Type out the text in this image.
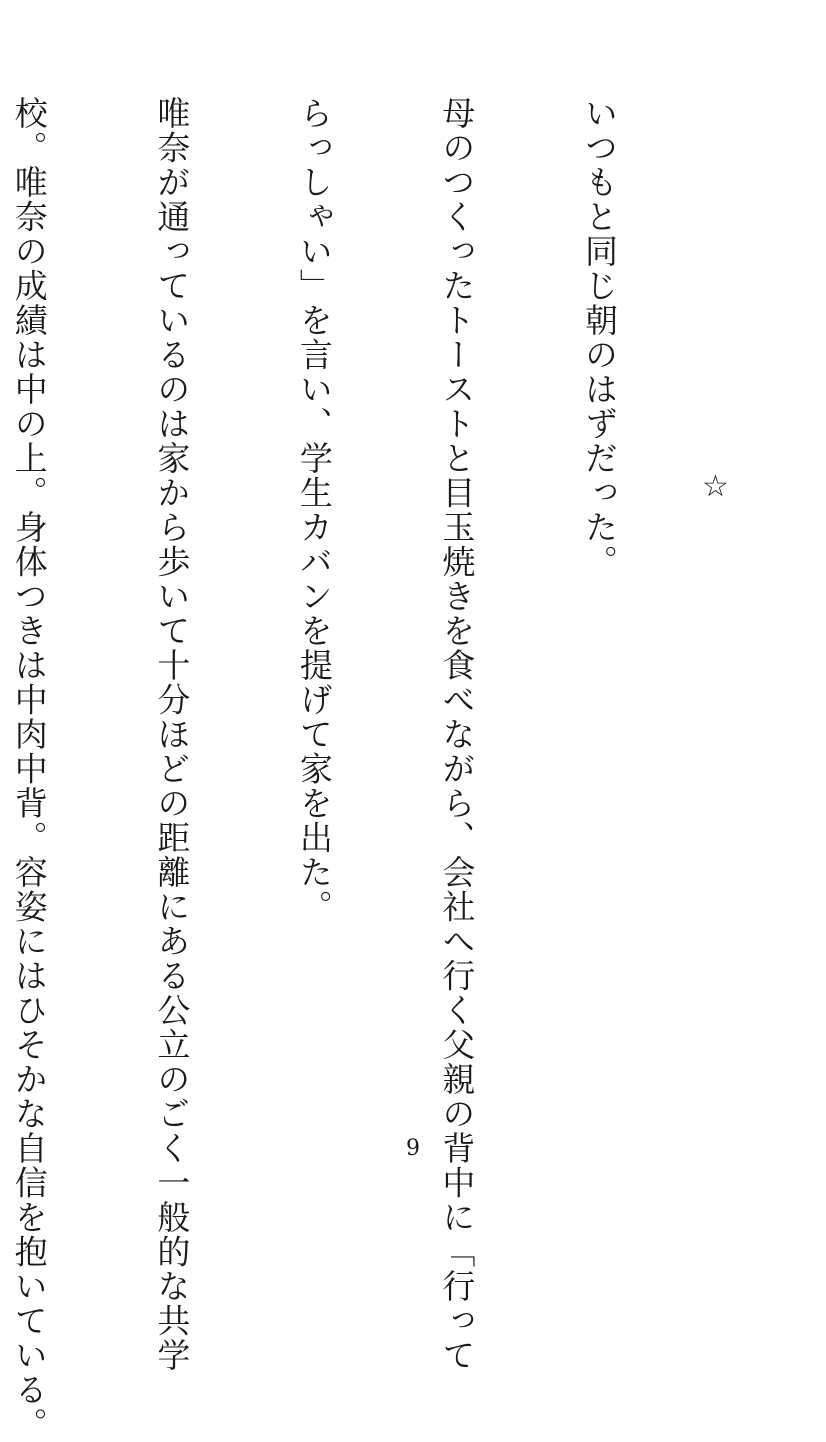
いつもと同じ朝のはずだった。

母のつくったトーストと目玉焼きを食べながら、会社へ行く父親の背中に「行って

らっしゃい」を言い、学生カバンを提げて家を出た。

唯奈が通っているのは家から歩いて十分ほどの距離にある公立のごく一般的な共学

校。唯奈の成績は中の上。身体つきは中肉中背。容姿にはひそかな自信を抱いている。

	☆
9
